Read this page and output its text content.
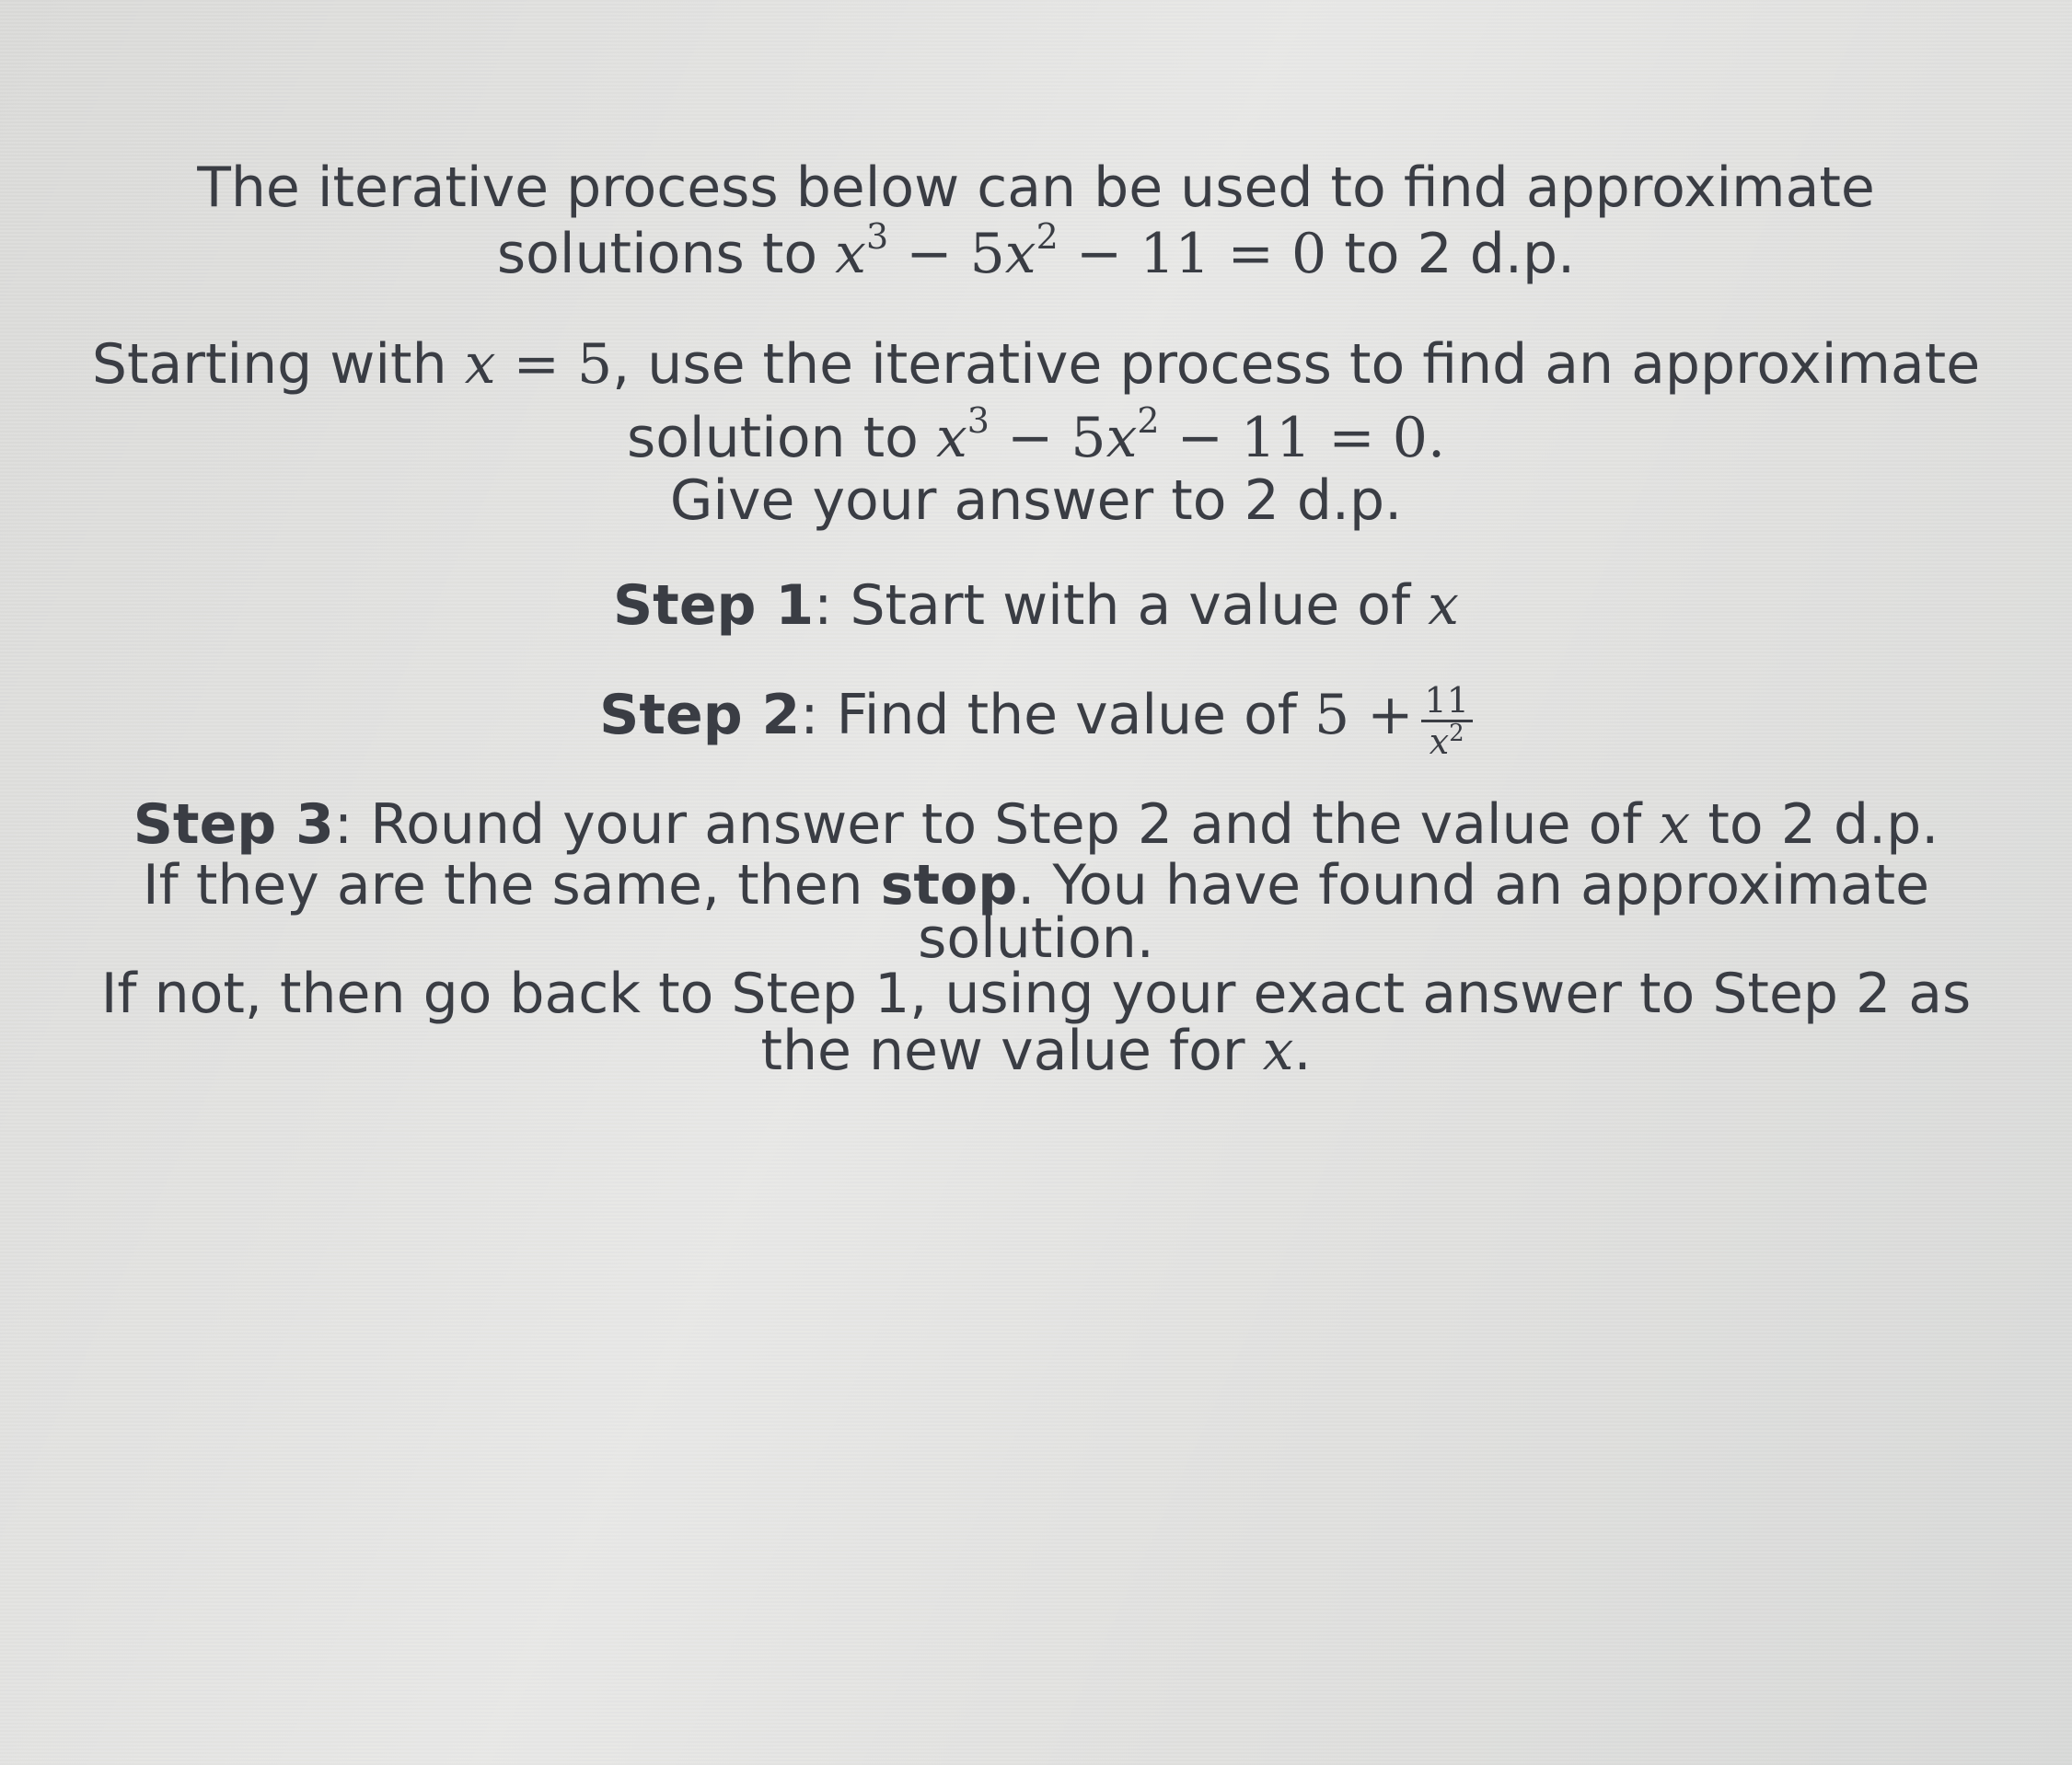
The iterative process below can be used to find approximate
solutions to $x^3 - 5x^2 - 11 = 0$ to 2 d.p.
Starting with x = 5, use the iterative process to find an approximate
solution to $x^3 - 5x^2 - 11 = 0$.
Give your answer to 2 d.p.
Step 1: Start with a value of x
Step 2: Find the value of $5 + \frac{11}{x^2}$
Step 3: Round your answer to Step 2 and the value of x to 2 d.p.
If they are the same, then stop. You have found an approximate
solution.
If not, then go back to Step 1, using your exact answer to Step 2 as
the new value for x.
